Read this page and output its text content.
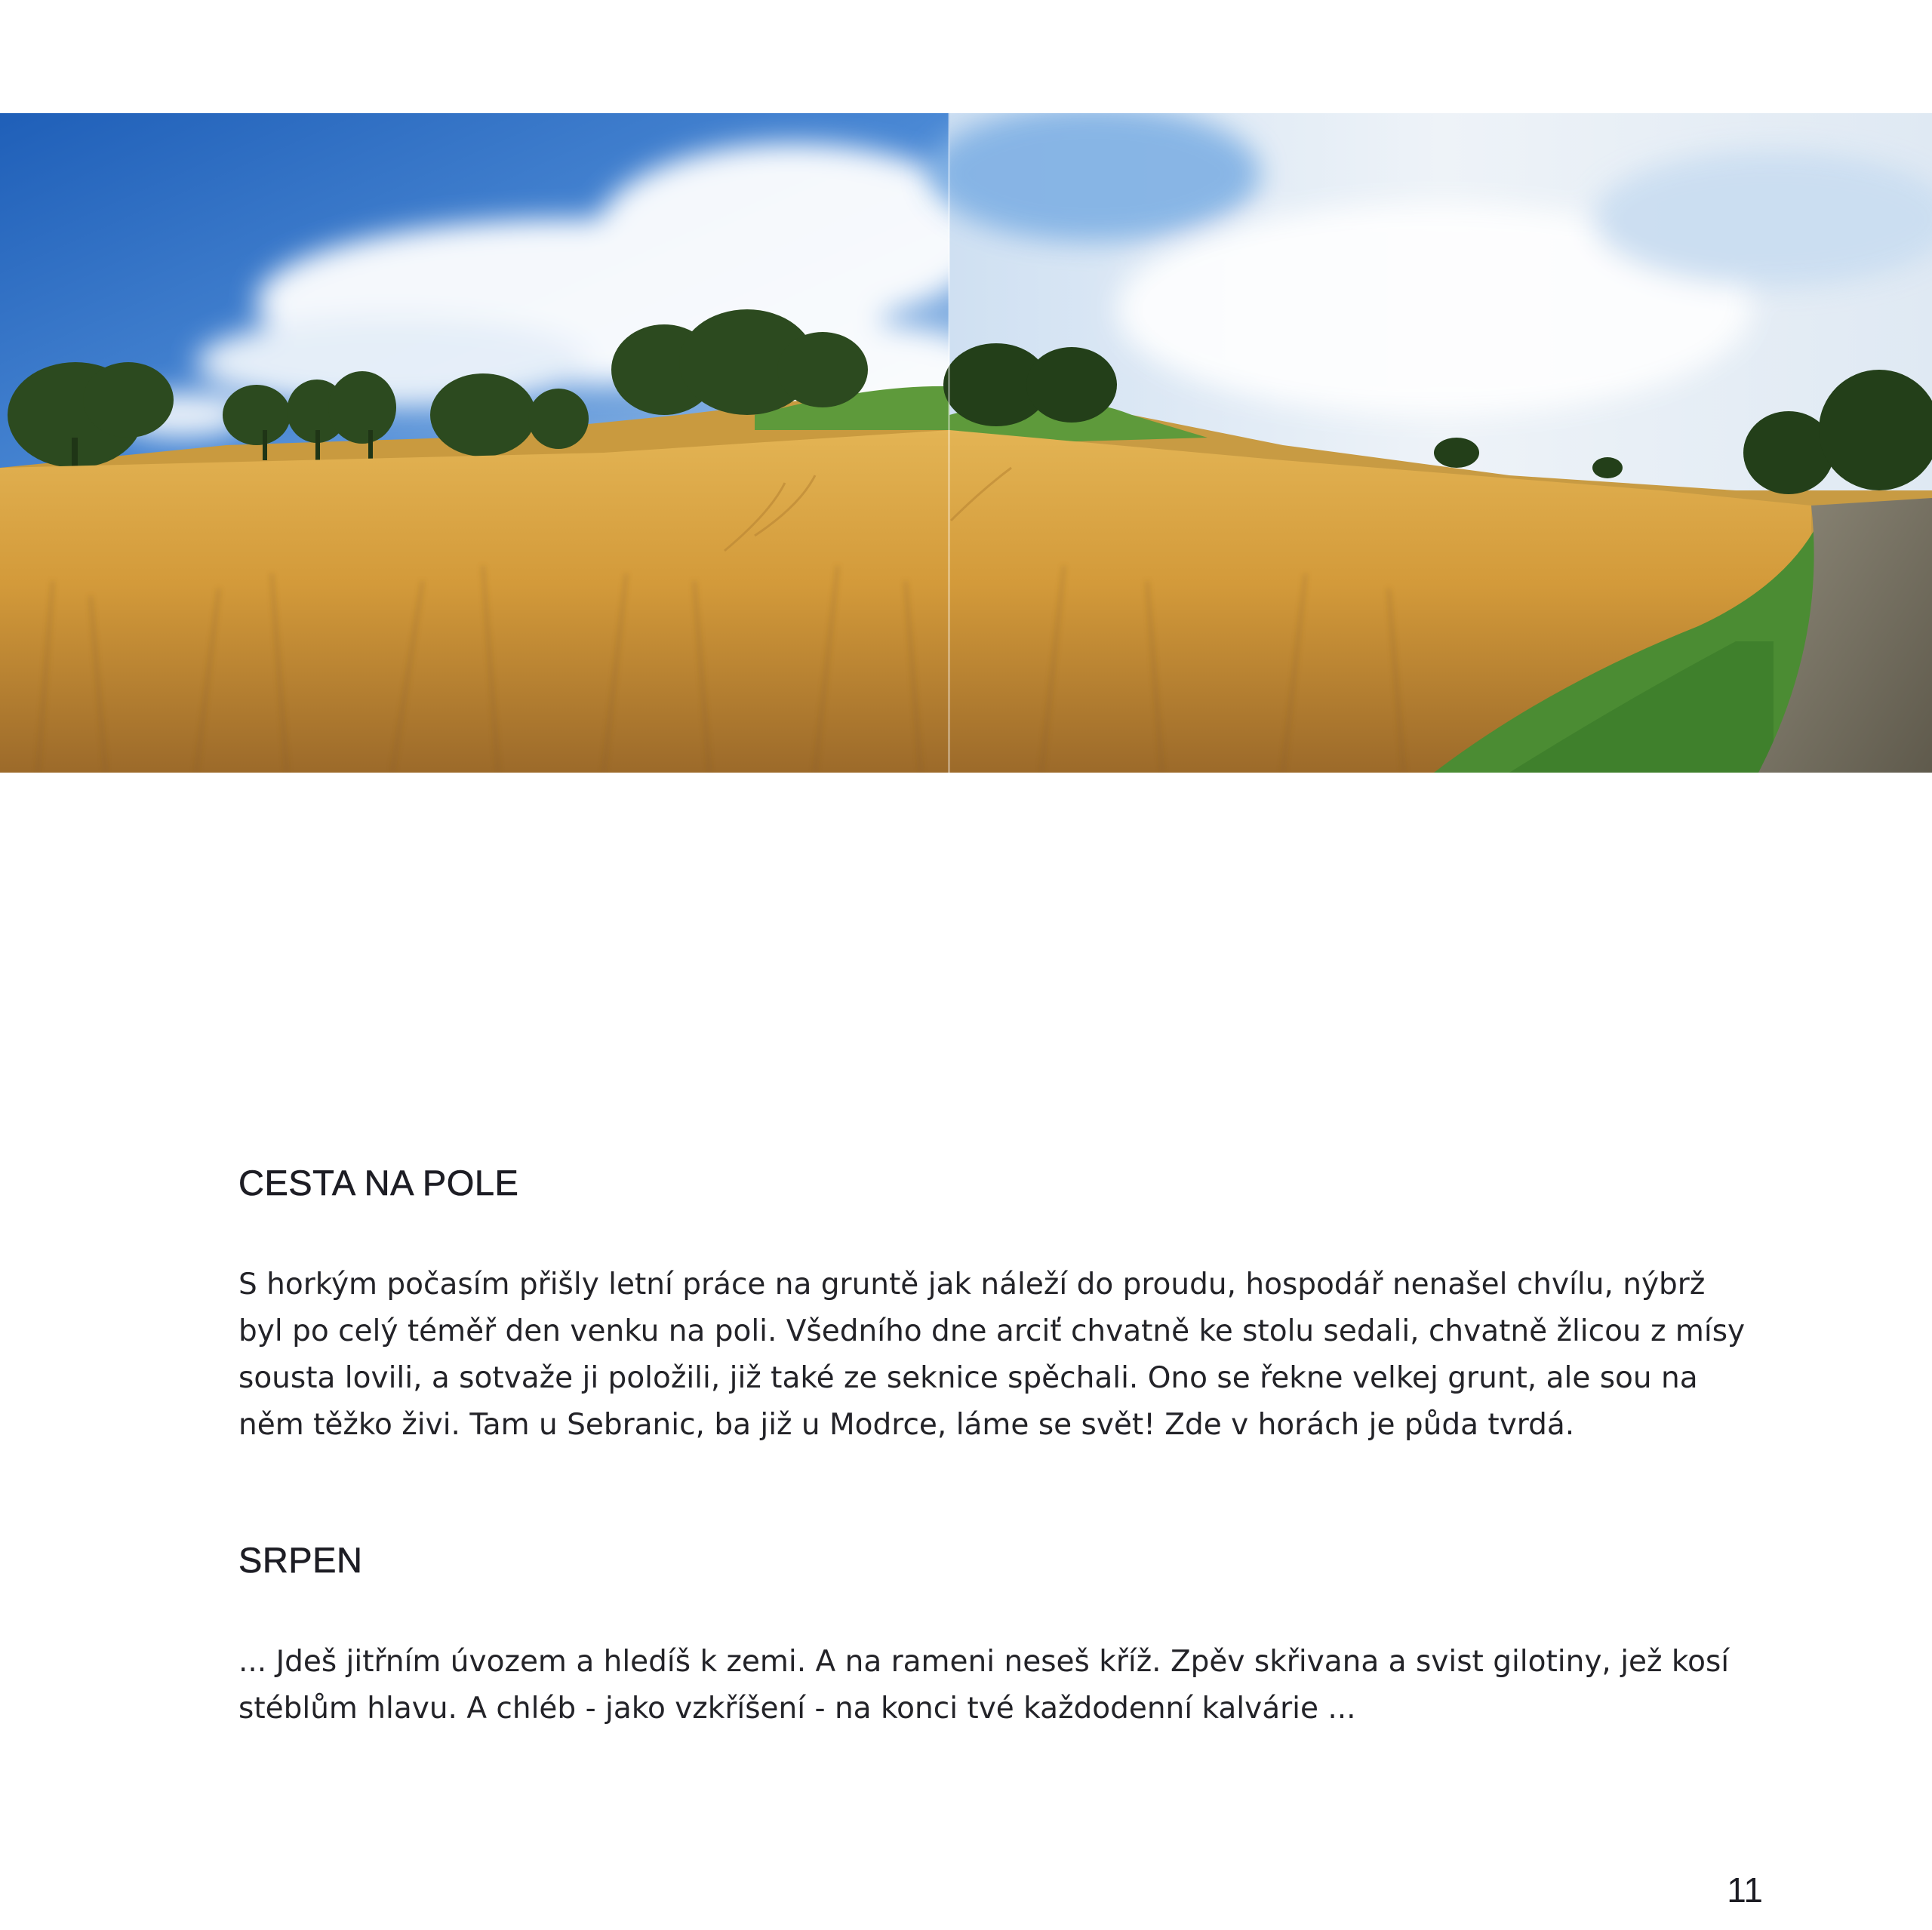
CESTA NA POLE

S horkým počasím přišly letní práce na gruntě jak náleží do proudu, hospodář nenašel chvílu, nýbrž byl po celý téměř den venku na poli. Všedního dne arciť chvatně ke stolu sedali, chvatně žlicou z mísy sousta lovili, a sotvaže ji položili, již také ze seknice spěchali. Ono se řekne velkej grunt, ale sou na něm těžko živi. Tam u Sebranic, ba již u Modrce, láme se svět! Zde v horách je půda tvrdá.

SRPEN

... Jdeš jitřním úvozem a hledíš k zemi. A na rameni neseš kříž. Zpěv skřivana a svist gilotiny, jež kosí stéblům hlavu. A chléb - jako vzkříšení - na konci tvé každodenní kalvárie ...

11
